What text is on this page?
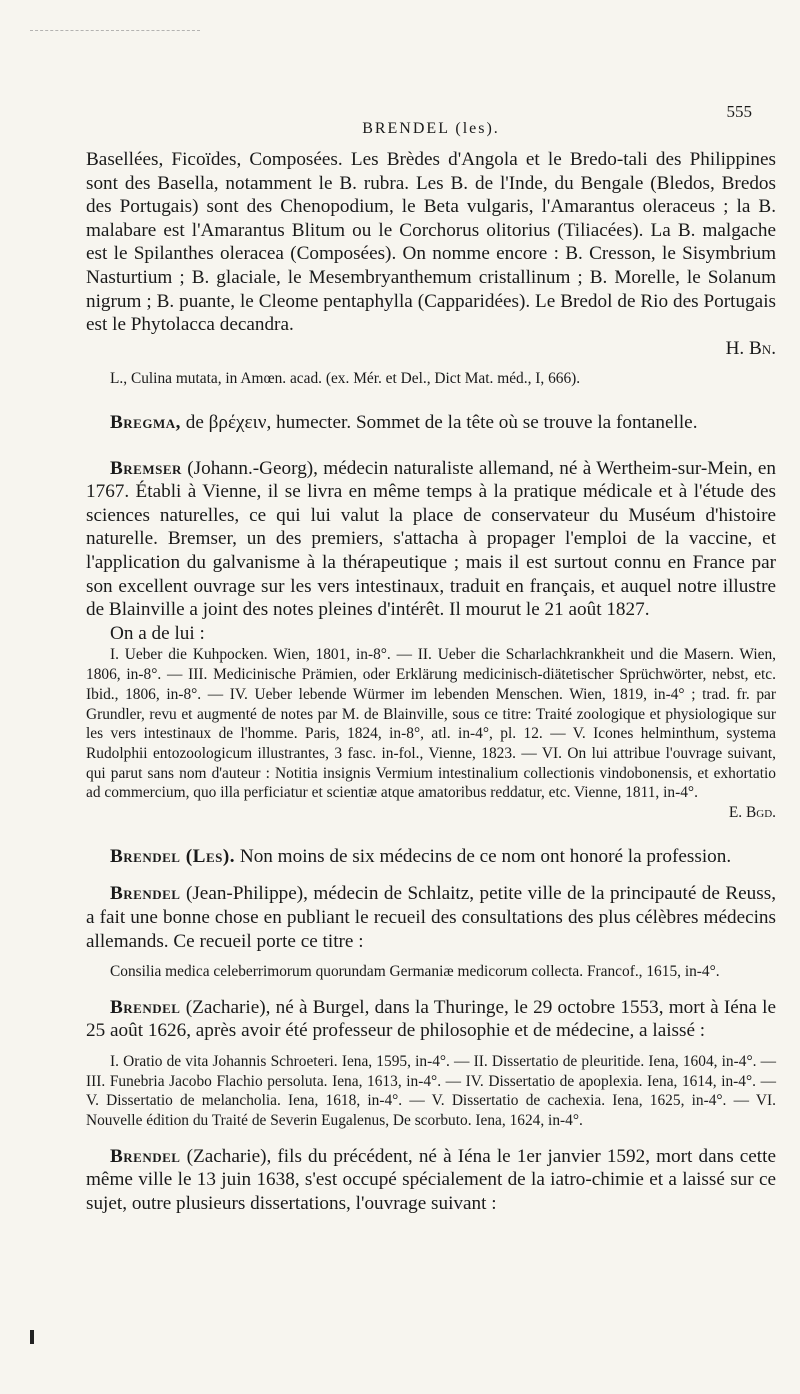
555
BRENDEL (les).

Basellées, Ficoïdes, Composées. Les Brèdes d'Angola et le Bredo-tali des Philippines sont des Basella, notamment le B. rubra. Les B. de l'Inde, du Bengale (Bledos, Bredos des Portugais) sont des Chenopodium, le Beta vulgaris, l'Amarantus oleraceus ; la B. malabare est l'Amarantus Blitum ou le Corchorus olitorius (Tiliacées). La B. malgache est le Spilanthes oleracea (Composées). On nomme encore : B. Cresson, le Sisymbrium Nasturtium ; B. glaciale, le Mesembryanthemum cristallinum ; B. Morelle, le Solanum nigrum ; B. puante, le Cleome pentaphylla (Capparidées). Le Bredol de Rio des Portugais est le Phytolacca decandra.
H. Bn.

L., Culina mutata, in Amœn. acad. (ex. Mér. et Del., Dict Mat. méd., I, 666).

Bregma, de βρέχειν, humecter. Sommet de la tête où se trouve la fontanelle.

Bremser (Johann.-Georg), médecin naturaliste allemand, né à Wertheim-sur-Mein, en 1767. Établi à Vienne, il se livra en même temps à la pratique médicale et à l'étude des sciences naturelles, ce qui lui valut la place de conservateur du Muséum d'histoire naturelle. Bremser, un des premiers, s'attacha à propager l'emploi de la vaccine, et l'application du galvanisme à la thérapeutique ; mais il est surtout connu en France par son excellent ouvrage sur les vers intestinaux, traduit en français, et auquel notre illustre de Blainville a joint des notes pleines d'intérêt. Il mourut le 21 août 1827.

On a de lui :

I. Ueber die Kuhpocken. Wien, 1801, in-8°. — II. Ueber die Scharlachkrankheit und die Masern. Wien, 1806, in-8°. — III. Medicinische Prämien, oder Erklärung medicinisch-diätetischer Sprüchwörter, nebst, etc. Ibid., 1806, in-8°. — IV. Ueber lebende Würmer im lebenden Menschen. Wien, 1819, in-4° ; trad. fr. par Grundler, revu et augmenté de notes par M. de Blainville, sous ce titre: Traité zoologique et physiologique sur les vers intestinaux de l'homme. Paris, 1824, in-8°, atl. in-4°, pl. 12. — V. Icones helminthum, systema Rudolphii entozoologicum illustrantes, 3 fasc. in-fol., Vienne, 1823. — VI. On lui attribue l'ouvrage suivant, qui parut sans nom d'auteur : Notitia insignis Vermium intestinalium collectionis vindobonensis, et exhortatio ad commercium, quo illa perficiatur et scientiæ atque amatoribus reddatur, etc. Vienne, 1811, in-4°.
E. Bgd.

Brendel (Les). Non moins de six médecins de ce nom ont honoré la profession.

Brendel (Jean-Philippe), médecin de Schlaitz, petite ville de la principauté de Reuss, a fait une bonne chose en publiant le recueil des consultations des plus célèbres médecins allemands. Ce recueil porte ce titre :

Consilia medica celeberrimorum quorundam Germaniæ medicorum collecta. Francof., 1615, in-4°.

Brendel (Zacharie), né à Burgel, dans la Thuringe, le 29 octobre 1553, mort à Iéna le 25 août 1626, après avoir été professeur de philosophie et de médecine, a laissé :

I. Oratio de vita Johannis Schroeteri. Iena, 1595, in-4°. — II. Dissertatio de pleuritide. Iena, 1604, in-4°. — III. Funebria Jacobo Flachio persoluta. Iena, 1613, in-4°. — IV. Dissertatio de apoplexia. Iena, 1614, in-4°. — V. Dissertatio de melancholia. Iena, 1618, in-4°. — V. Dissertatio de cachexia. Iena, 1625, in-4°. — VI. Nouvelle édition du Traité de Severin Eugalenus, De scorbuto. Iena, 1624, in-4°.

Brendel (Zacharie), fils du précédent, né à Iéna le 1er janvier 1592, mort dans cette même ville le 13 juin 1638, s'est occupé spécialement de la iatro-chimie et a laissé sur ce sujet, outre plusieurs dissertations, l'ouvrage suivant :
